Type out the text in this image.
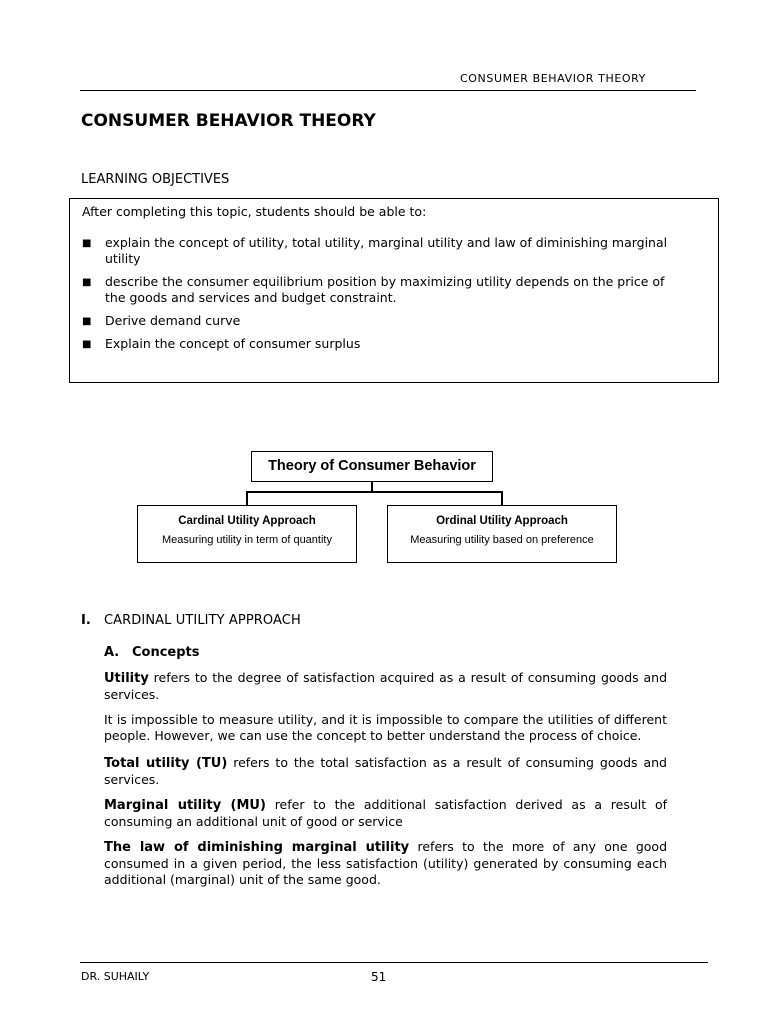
CONSUMER BEHAVIOR THEORY
CONSUMER BEHAVIOR THEORY
LEARNING OBJECTIVES
After completing this topic, students should be able to:
■ explain the concept of utility, total utility, marginal utility and law of diminishing marginal utility
■ describe the consumer equilibrium position by maximizing utility depends on the price of the goods and services and budget constraint.
■ Derive demand curve
■ Explain the concept of consumer surplus
Theory of Consumer Behavior
Cardinal Utility Approach
Measuring utility in term of quantity
Ordinal Utility Approach
Measuring utility based on preference
I. CARDINAL UTILITY APPROACH
A. Concepts

Utility refers to the degree of satisfaction acquired as a result of consuming goods and services.

It is impossible to measure utility, and it is impossible to compare the utilities of different people. However, we can use the concept to better understand the process of choice.

Total utility (TU) refers to the total satisfaction as a result of consuming goods and services.

Marginal utility (MU) refer to the additional satisfaction derived as a result of consuming an additional unit of good or service

The law of diminishing marginal utility refers to the more of any one good consumed in a given period, the less satisfaction (utility) generated by consuming each additional (marginal) unit of the same good.

DR. SUHAILY	51
